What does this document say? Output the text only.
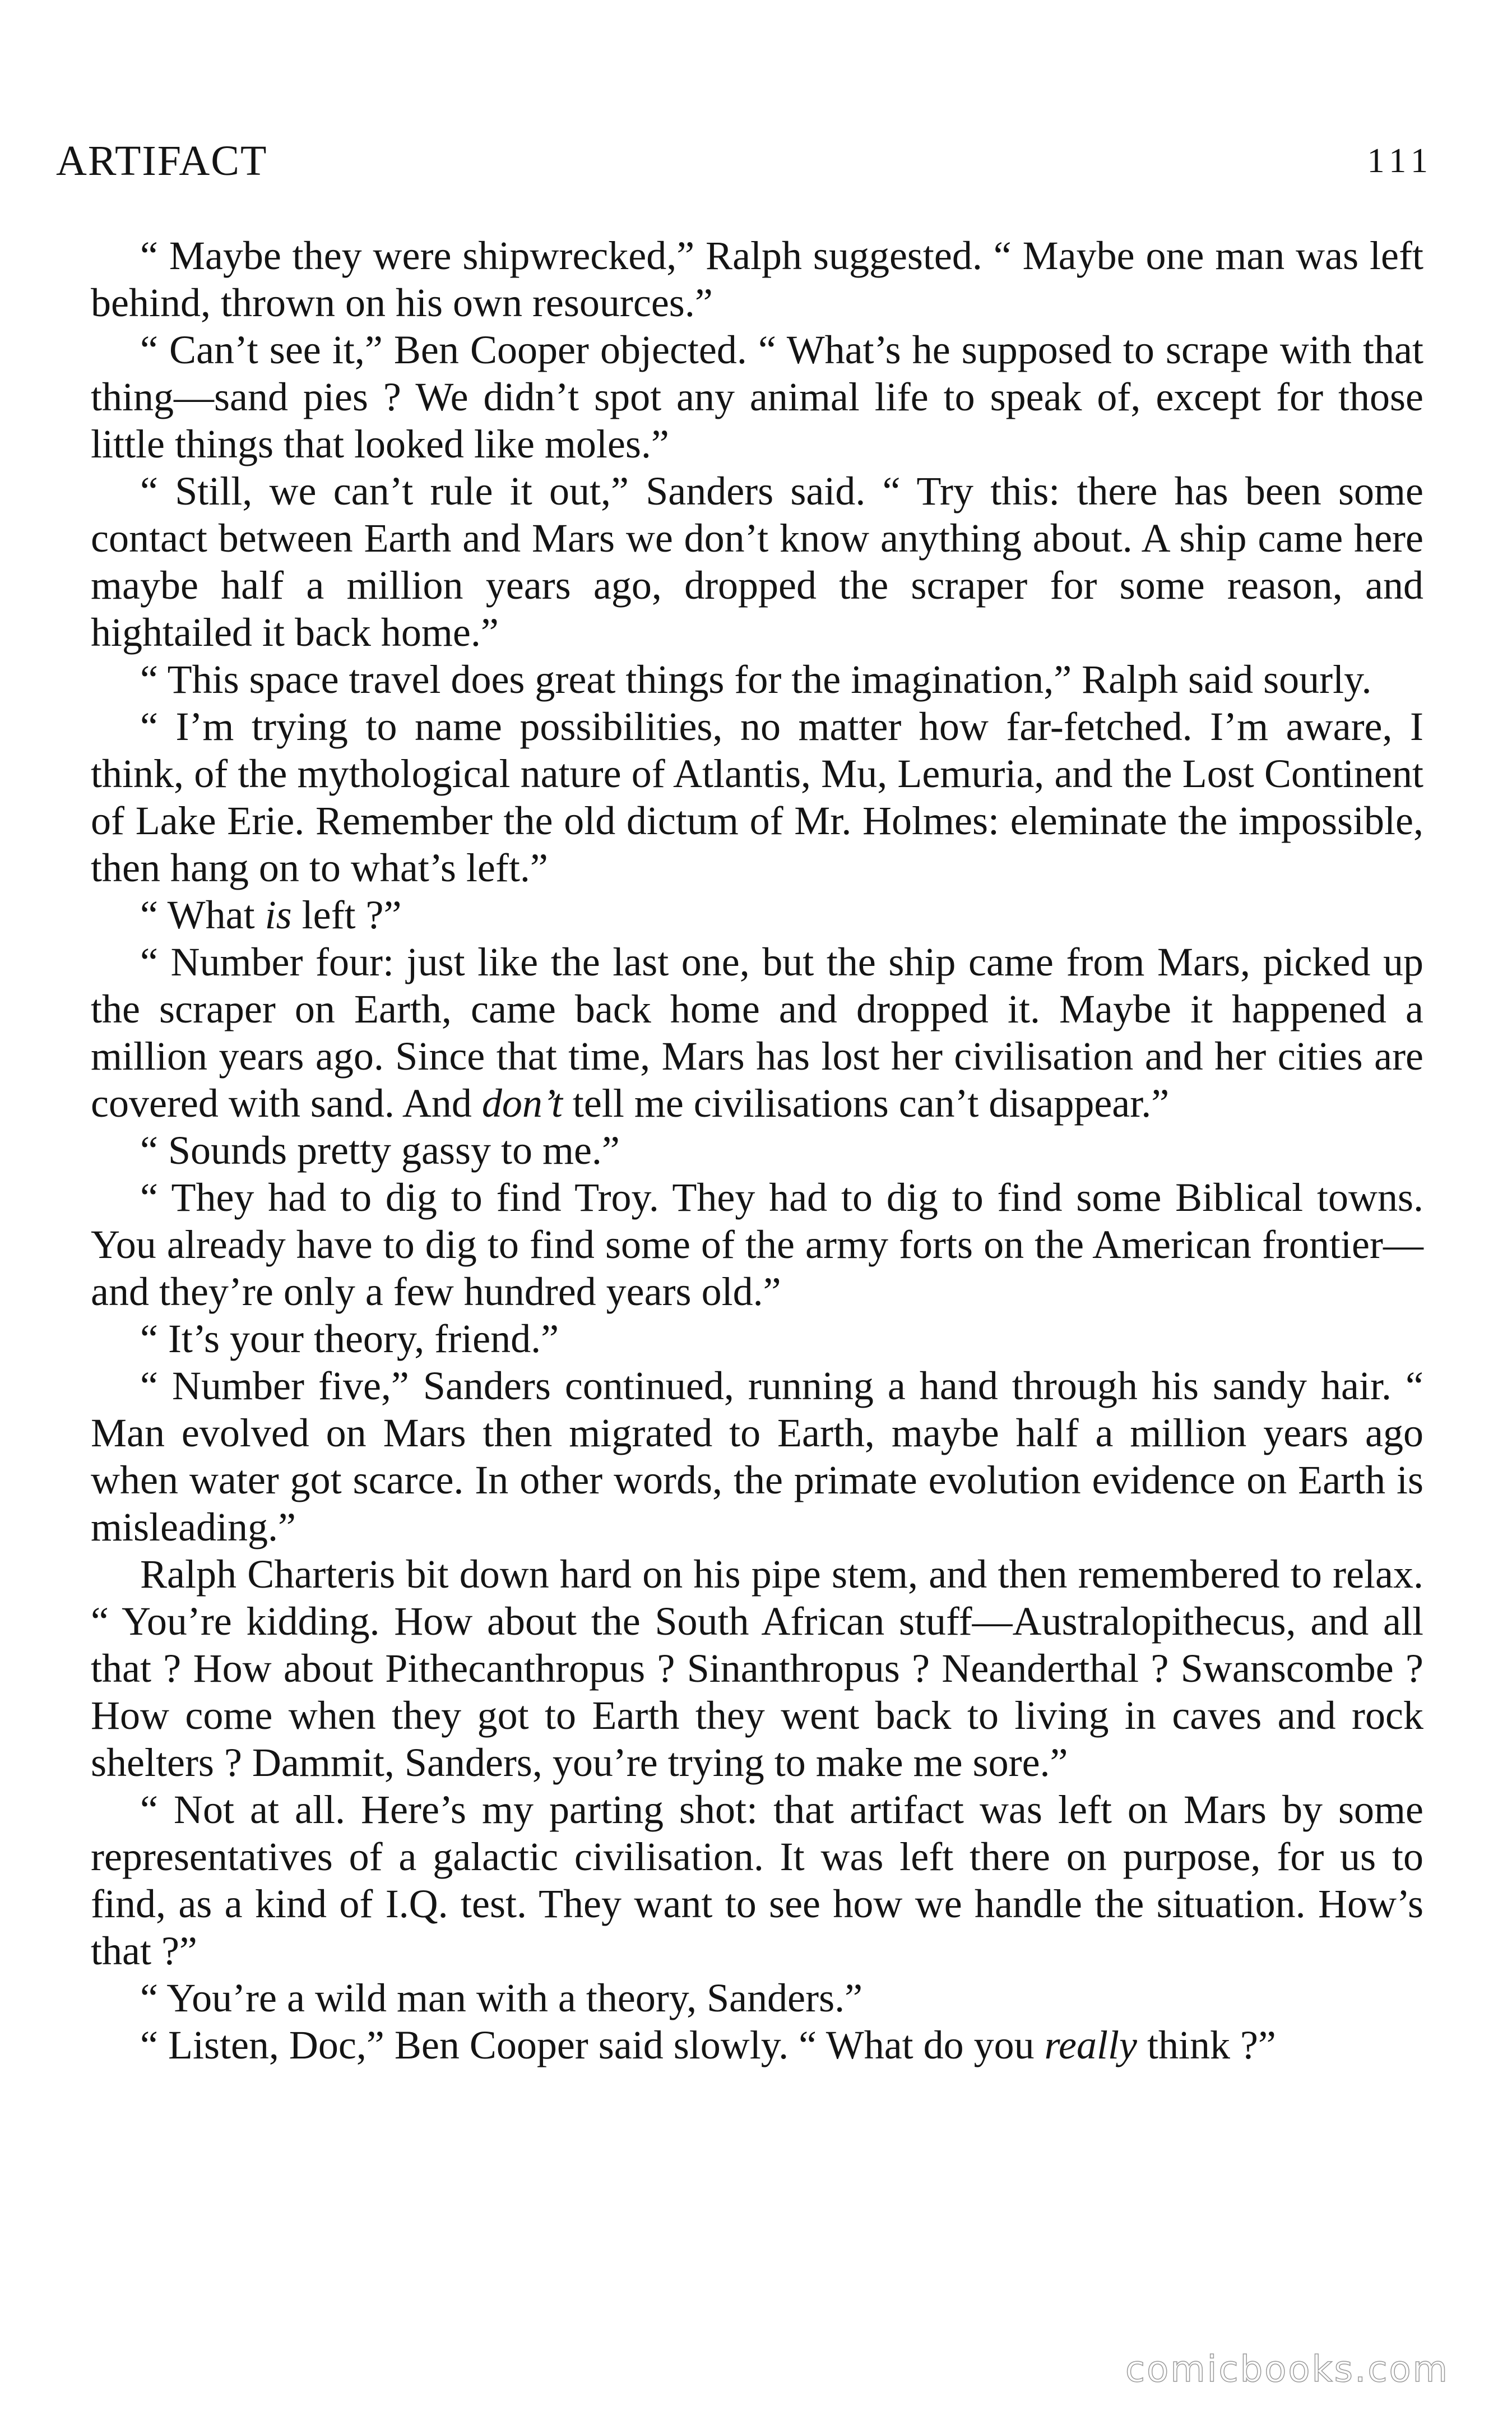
ARTIFACT	111

“ Maybe they were shipwrecked,” Ralph suggested. “ Maybe one man was left behind, thrown on his own resources.”

“ Can’t see it,” Ben Cooper objected. “ What’s he supposed to scrape with that thing—sand pies ? We didn’t spot any animal life to speak of, except for those little things that looked like moles.”

“ Still, we can’t rule it out,” Sanders said. “ Try this: there has been some contact between Earth and Mars we don’t know anything about. A ship came here maybe half a million years ago, dropped the scraper for some reason, and hightailed it back home.”

“ This space travel does great things for the imagination,” Ralph said sourly.

“ I’m trying to name possibilities, no matter how far-fetched. I’m aware, I think, of the mythological nature of Atlantis, Mu, Lemuria, and the Lost Continent of Lake Erie. Remember the old dictum of Mr. Holmes: eleminate the impossible, then hang on to what’s left.”

“ What is left ?”

“ Number four: just like the last one, but the ship came from Mars, picked up the scraper on Earth, came back home and dropped it. Maybe it happened a million years ago. Since that time, Mars has lost her civilisation and her cities are covered with sand. And don’t tell me civilisations can’t disappear.”

“ Sounds pretty gassy to me.”

“ They had to dig to find Troy. They had to dig to find some Biblical towns. You already have to dig to find some of the army forts on the American frontier—and they’re only a few hundred years old.”

“ It’s your theory, friend.”

“ Number five,” Sanders continued, running a hand through his sandy hair. “ Man evolved on Mars then migrated to Earth, maybe half a million years ago when water got scarce. In other words, the primate evolution evidence on Earth is misleading.”

Ralph Charteris bit down hard on his pipe stem, and then remembered to relax. “ You’re kidding. How about the South African stuff—Australopithecus, and all that ? How about Pithecanthropus ? Sinanthropus ? Neanderthal ? Swanscombe ? How come when they got to Earth they went back to living in caves and rock shelters ? Dammit, Sanders, you’re trying to make me sore.”

“ Not at all. Here’s my parting shot: that artifact was left on Mars by some representatives of a galactic civilisation. It was left there on purpose, for us to find, as a kind of I.Q. test. They want to see how we handle the situation. How’s that ?”

“ You’re a wild man with a theory, Sanders.”

“ Listen, Doc,” Ben Cooper said slowly. “ What do you really think ?”

comicbooks.com
